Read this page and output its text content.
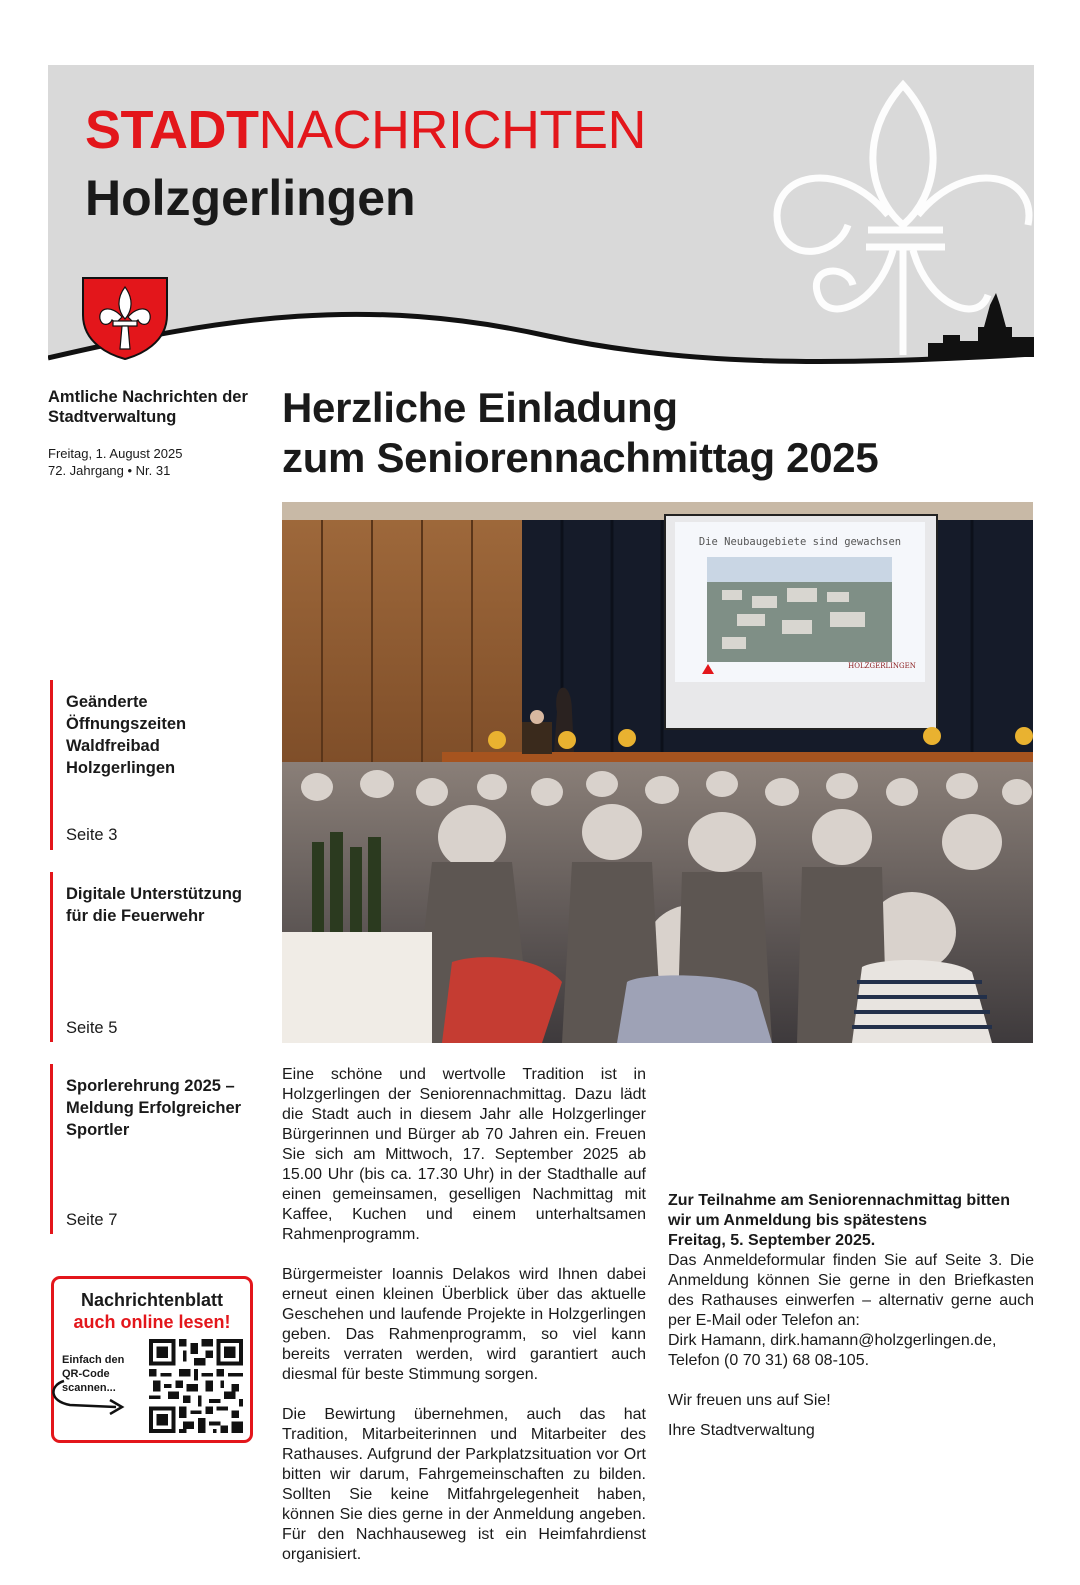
STADTNACHRICHTEN
Holzgerlingen
Amtliche Nachrichten der Stadtverwaltung
Freitag, 1. August 2025
72. Jahrgang • Nr. 31
Geänderte Öffnungszeiten Waldfreibad Holzgerlingen
Seite 3
Digitale Unterstützung für die Feuerwehr
Seite 5
Sporlerehrung 2025 – Meldung Erfolgreicher Sportler
Seite 7
Nachrichtenblatt
auch online lesen!
Einfach den QR-Code scannen...
Herzliche Einladung
zum Seniorennachmittag 2025
Die Neubaugebiete sind gewachsen
HOLZGERLINGEN

Eine schöne und wertvolle Tradition ist in Holzgerlingen der Seniorennachmittag. Dazu lädt die Stadt auch in diesem Jahr alle Holzgerlinger Bürgerinnen und Bürger ab 70 Jahren ein. Freuen Sie sich am Mittwoch, 17. September 2025 ab 15.00 Uhr (bis ca. 17.30 Uhr) in der Stadthalle auf einen gemeinsamen, geselligen Nachmittag mit Kaffee, Kuchen und einem unterhaltsamen Rahmenprogramm.

Bürgermeister Ioannis Delakos wird Ihnen dabei erneut einen kleinen Überblick über das aktuelle Geschehen und laufende Projekte in Holzgerlingen geben. Das Rahmenprogramm, so viel kann bereits verraten werden, wird garantiert auch diesmal für beste Stimmung sorgen.

Die Bewirtung übernehmen, auch das hat Tradition, Mitarbeiterinnen und Mitarbeiter des Rathauses. Aufgrund der Parkplatzsituation vor Ort bitten wir darum, Fahrgemeinschaften zu bilden. Sollten Sie keine Mitfahrgelegenheit haben, können Sie dies gerne in der Anmeldung angeben. Für den Nachhauseweg ist ein Heimfahrdienst organisiert.

Zur Teilnahme am Seniorennachmittag bitten wir um Anmeldung bis spätestens

Freitag, 5. September 2025.

Das Anmeldeformular finden Sie auf Seite 3. Die Anmeldung können Sie gerne in den Briefkasten des Rathauses einwerfen – alternativ gerne auch per E-Mail oder Telefon an:

Dirk Hamann, dirk.hamann@holzgerlingen.de,
Telefon (0 70 31) 68 08-105.
Wir freuen uns auf Sie!
Ihre Stadtverwaltung
